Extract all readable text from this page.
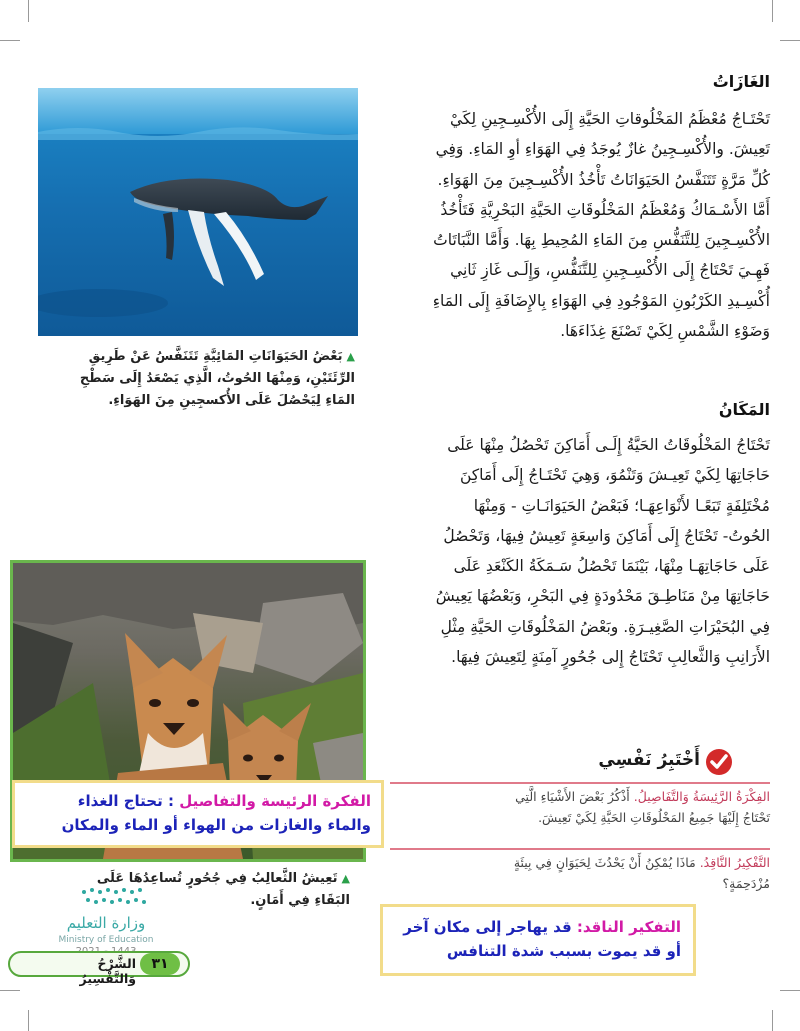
الغَازَاتُ
تَحْتَـاجُ مُعْظَمُ المَخْلُوقاتِ الحَيَّةِ إِلَى الأُكْسِـجِينِ لِكَيْ
تَعِيشَ. والأُكْسِـجِينُ غازٌ يُوجَدُ فِي الهَوَاءِ أوِ المَاءِ. وَفِي
كُلِّ مَرَّةٍ تَتَنَفَّسُ الحَيَوَانَاتُ تَأْخُذُ الأُكْسِـجِينَ مِنَ الهَوَاءِ.
أَمَّا الأَسْـمَاكُ وَمُعْظَمُ المَخْلُوقَاتِ الحَيَّةِ البَحْرِيَّةِ فَتَأْخُذُ
الأُكْسِـجِينَ لِلتَّنَفُّسِ مِنَ المَاءِ المُحِيطِ بِهَا. وَأَمَّا النَّبَاتَاتُ
فَهِـيَ تَحْتَاجُ إِلَى الأُكْسِـجِينِ لِلتَّنَفُّسِ، وَإِلَـى غَازِ ثَانِي
أُكْسِـيدِ الكَرْبُونِ المَوْجُودِ فِي الهَوَاءِ بِالإِضَافَةِ إِلَى المَاءِ
وَضَوْءِ الشَّمْسِ لِكَيْ تَصْنَعَ غِذَاءَهَا.
المَكَانُ
تَحْتَاجُ المَخْلُوقَاتُ الحَيَّةُ إِلَـى أَمَاكِنَ تَحْصُلُ مِنْهَا عَلَى
حَاجَاتِهَا لِكَيْ تَعِيـشَ وَتَنْمُوَ، وَهِيَ تَحْتَـاجُ إِلَى أَمَاكِنَ
مُخْتَلِفَةٍ تَبَعًـا لأَنْوَاعِهَـا؛ فَبَعْضُ الحَيَوَانَـاتِ - وَمِنْهَا
الحُوتُ- تَحْتَاجُ إِلَى أَمَاكِنَ وَاسِعَةٍ تَعِيشُ فِيهَا، وَتَحْصُلُ
عَلَى حَاجَاتِهَـا مِنْهَا، بَيْنَمَا تَحْصُلُ سَـمَكَةُ الكَنْعَدِ عَلَى
حَاجَاتِهَا مِنْ مَنَاطِـقَ مَحْدُودَةٍ فِي البَحْرِ، وَبَعْضُهَا يَعِيشُ
فِي البُحَيْرَاتِ الصَّغِيـرَةِ. وبَعْضُ المَخْلُوقَاتِ الحَيَّةِ مِثْلِ
الأَرَانِبِ وَالثَّعالِبِ تَحْتَاجُ إِلى جُحُورٍ آمِنَةٍ لِتَعِيشَ فِيهَا.
▲بَعْضُ الحَيَوَانَاتِ المَائِيَّةِ تَتَنَفَّسُ عَنْ طَرِيقِ
الرِّئَتَيْنِ، وَمِنْهَا الحُوتُ، الَّذِي يَصْعَدُ إِلَى سَطْحِ
المَاءِ لِيَحْصُلَ عَلَى الأُكسجِينِ مِنَ الهَوَاءِ.
أَخْتَبِرُ نَفْسِي
الفِكْرَةُ الرَّئِيسَةُ وَالتَّفَاصِيلُ. أَذْكُرُ بَعْضَ الأَشْيَاءِ الَّتِي
تَحْتَاجُ إِلَيْهَا جَمِيعُ المَخْلُوقَاتِ الحَيَّةِ لِكَيْ تَعِيشَ.
التَّفْكِيرُ النَّاقِدُ. مَاذَا يُمْكِنُ أَنْ يَحْدُثَ لِحَيَوَانٍ فِي بِيئَةٍ
مُزْدَحِمَةٍ؟
الفكرة الرئيسة والتفاصيل : تحتاج الغذاء
والماء والغازات من الهواء أو الماء والمكان
▲تَعِيشُ الثَّعالِبُ فِي جُحُورٍ تُساعِدُهَا عَلَى
البَقَاءِ فِي أَمَانٍ.
التفكير الناقد: قد يهاجر إلى مكان آخر
أو قد يموت بسبب شدة التنافس
وزارة التعليم
Ministry of Education
الشَّرْحُ وَالتَّفْسِيرُ
٣١
